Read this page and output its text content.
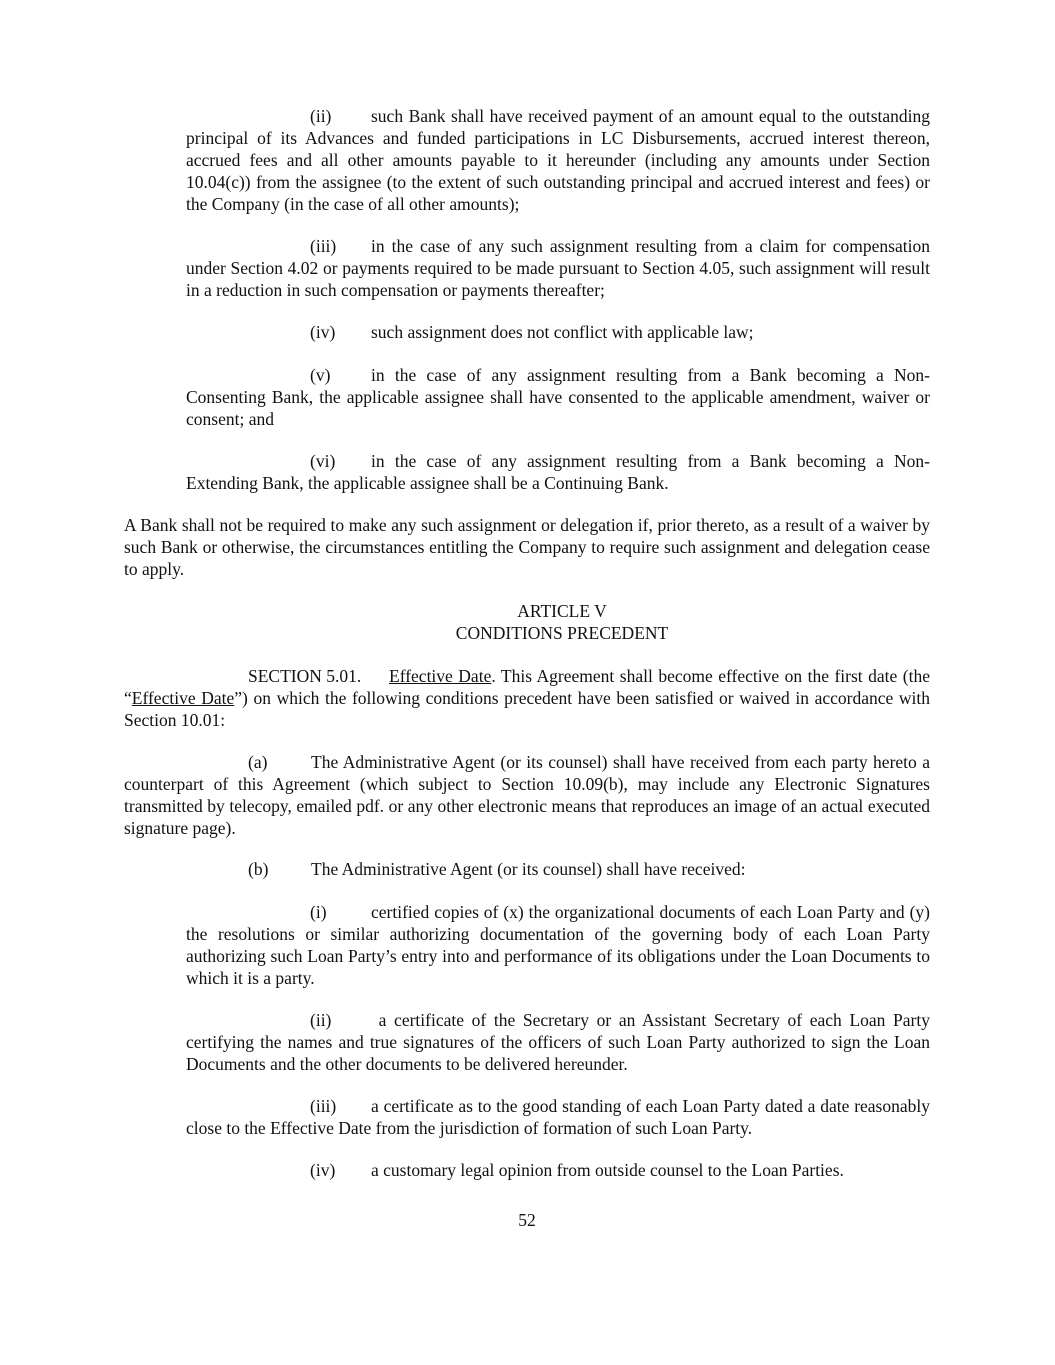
(ii) such Bank shall have received payment of an amount equal to the outstanding principal of its Advances and funded participations in LC Disbursements, accrued interest thereon, accrued fees and all other amounts payable to it hereunder (including any amounts under Section 10.04(c)) from the assignee (to the extent of such outstanding principal and accrued interest and fees) or the Company (in the case of all other amounts);

(iii) in the case of any such assignment resulting from a claim for compensation under Section 4.02 or payments required to be made pursuant to Section 4.05, such assignment will result in a reduction in such compensation or payments thereafter;

(iv) such assignment does not conflict with applicable law;

(v) in the case of any assignment resulting from a Bank becoming a Non-Consenting Bank, the applicable assignee shall have consented to the applicable amendment, waiver or consent; and

(vi) in the case of any assignment resulting from a Bank becoming a Non-Extending Bank, the applicable assignee shall be a Continuing Bank.

A Bank shall not be required to make any such assignment or delegation if, prior thereto, as a result of a waiver by such Bank or otherwise, the circumstances entitling the Company to require such assignment and delegation cease to apply.

ARTICLE V

CONDITIONS PRECEDENT

SECTION 5.01. Effective Date. This Agreement shall become effective on the first date (the “Effective Date”) on which the following conditions precedent have been satisfied or waived in accordance with Section 10.01:

(a) The Administrative Agent (or its counsel) shall have received from each party hereto a counterpart of this Agreement (which subject to Section 10.09(b), may include any Electronic Signatures transmitted by telecopy, emailed pdf. or any other electronic means that reproduces an image of an actual executed signature page).

(b) The Administrative Agent (or its counsel) shall have received:

(i)	certified copies of (x) the organizational documents of each Loan Party and (y) the resolutions or similar authorizing documentation of the governing body of each Loan Party authorizing such Loan Party’s entry into and performance of its obligations under the Loan Documents to which it is a party.

(ii) a certificate of the Secretary or an Assistant Secretary of each Loan Party certifying the names and true signatures of the officers of such Loan Party authorized to sign the Loan Documents and the other documents to be delivered hereunder.

(iii) a certificate as to the good standing of each Loan Party dated a date reasonably close to the Effective Date from the jurisdiction of formation of such Loan Party.

(iv) a customary legal opinion from outside counsel to the Loan Parties.

52
